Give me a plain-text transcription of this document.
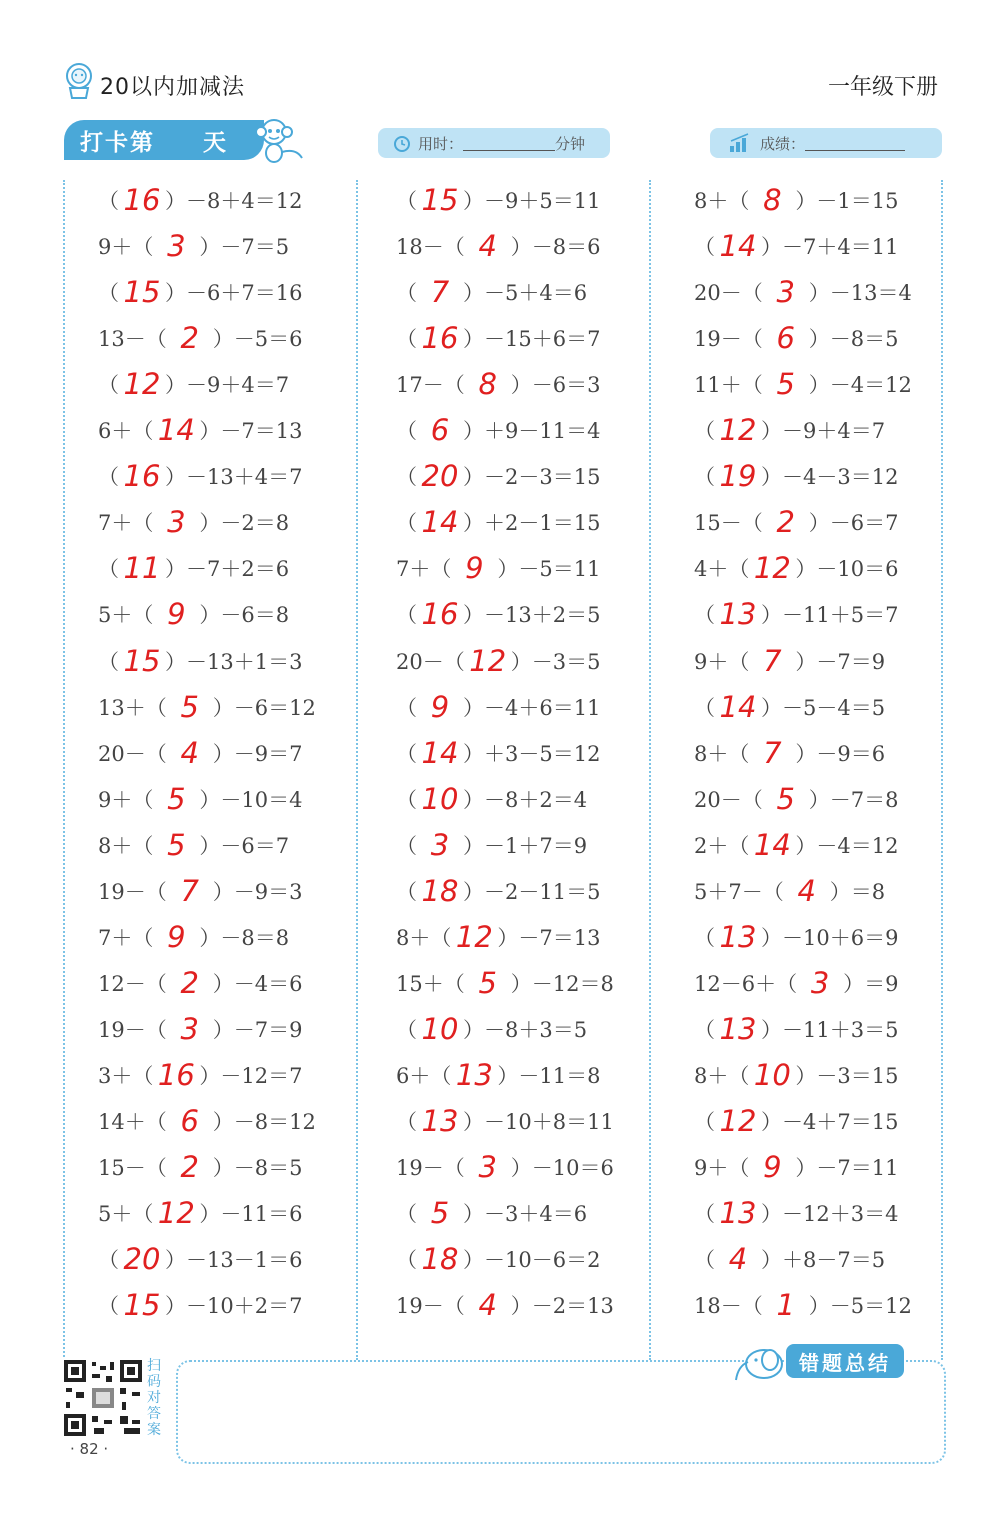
20以内加减法	一年级下册
打卡第 天	用时：	分钟	成绩：
（ 16 ）－8＋4＝12
9＋（ 3 ）－7＝5
（ 15 ）－6＋7＝16
13－（ 2 ）－5＝6
（ 12 ）－9＋4＝7
6＋（ 14 ）－7＝13
（ 16 ）－13＋4＝7
7＋（ 3 ）－2＝8
（ 11 ）－7＋2＝6
5＋（ 9 ）－6＝8
（ 15 ）－13＋1＝3
13＋（ 5 ）－6＝12
20－（ 4 ）－9＝7
9＋（ 5 ）－10＝4
8＋（ 5 ）－6＝7
19－（ 7 ）－9＝3
7＋（ 9 ）－8＝8
12－（ 2 ）－4＝6
19－（ 3 ）－7＝9
3＋（ 16 ）－12＝7
14＋（ 6 ）－8＝12
15－（ 2 ）－8＝5
5＋（ 12 ）－11＝6
（ 20 ）－13－1＝6
（ 15 ）－10＋2＝7
（ 15 ）－9＋5＝11
18－（ 4 ）－8＝6
（ 7 ）－5＋4＝6
（ 16 ）－15＋6＝7
17－（ 8 ）－6＝3
（ 6 ）＋9－11＝4
（ 20 ）－2－3＝15
（ 14 ）＋2－1＝15
7＋（ 9 ）－5＝11
（ 16 ）－13＋2＝5
20－（ 12 ）－3＝5
（ 9 ）－4＋6＝11
（ 14 ）＋3－5＝12
（ 10 ）－8＋2＝4
（ 3 ）－1＋7＝9
（ 18 ）－2－11＝5
8＋（ 12 ）－7＝13
15＋（ 5 ）－12＝8
（ 10 ）－8＋3＝5
6＋（ 13 ）－11＝8
（ 13 ）－10＋8＝11
19－（ 3 ）－10＝6
（ 5 ）－3＋4＝6
（ 18 ）－10－6＝2
19－（ 4 ）－2＝13
8＋（ 8 ）－1＝15
（ 14 ）－7＋4＝11
20－（ 3 ）－13＝4
19－（ 6 ）－8＝5
11＋（ 5 ）－4＝12
（ 12 ）－9＋4＝7
（ 19 ）－4－3＝12
15－（ 2 ）－6＝7
4＋（ 12 ）－10＝6
（ 13 ）－11＋5＝7
9＋（ 7 ）－7＝9
（ 14 ）－5－4＝5
8＋（ 7 ）－9＝6
20－（ 5 ）－7＝8
2＋（ 14 ）－4＝12
5＋7－（ 4 ）＝8
（ 13 ）－10＋6＝9
12－6＋（ 3 ）＝9
（ 13 ）－11＋3＝5
8＋（ 10 ）－3＝15
（ 12 ）－4＋7＝15
9＋（ 9 ）－7＝11
（ 13 ）－12＋3＝4
（ 4 ）＋8－7＝5
18－（ 1 ）－5＝12
错题总结
扫码对答案
· 82 ·
